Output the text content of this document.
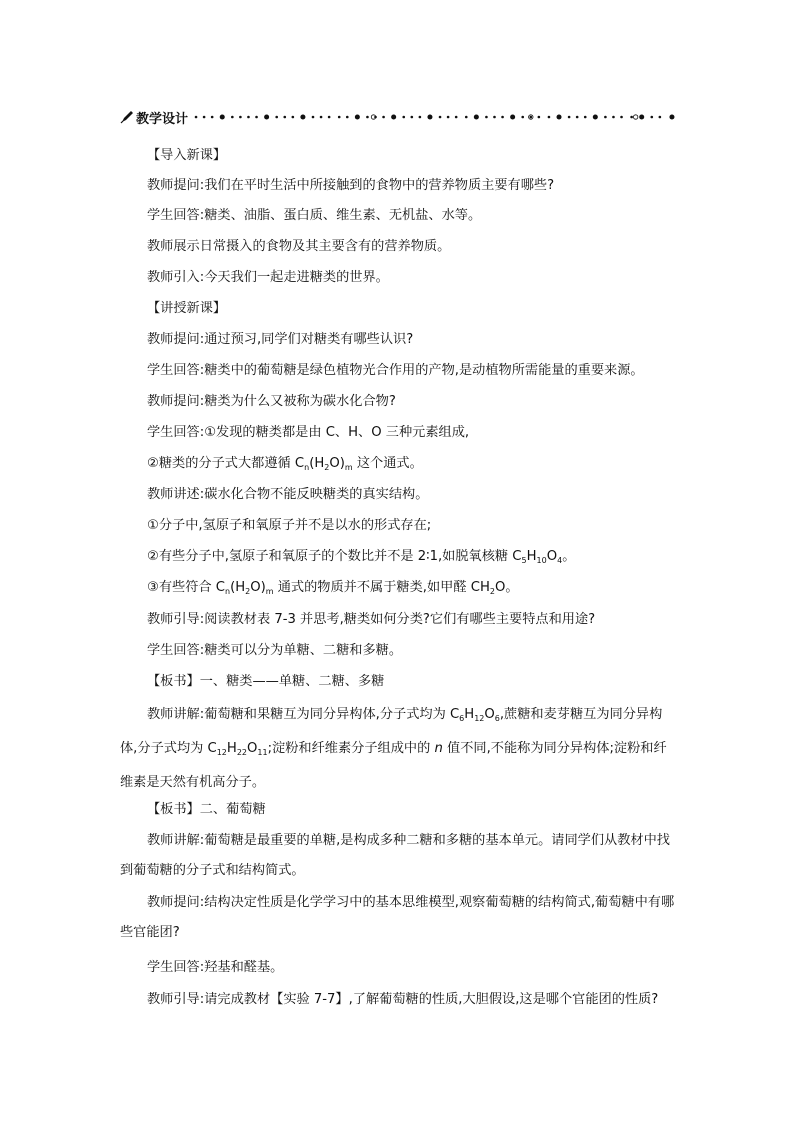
教学设计
【导入新课】
教师提问:我们在平时生活中所接触到的食物中的营养物质主要有哪些?
学生回答:糖类、油脂、蛋白质、维生素、无机盐、水等。
教师展示日常摄入的食物及其主要含有的营养物质。
教师引入:今天我们一起走进糖类的世界。
【讲授新课】
教师提问:通过预习,同学们对糖类有哪些认识?
学生回答:糖类中的葡萄糖是绿色植物光合作用的产物,是动植物所需能量的重要来源。
教师提问:糖类为什么又被称为碳水化合物?
学生回答:①发现的糖类都是由 C、H、O 三种元素组成,
②糖类的分子式大都遵循 $C_n(H_2O)_m$ 这个通式。
教师讲述:碳水化合物不能反映糖类的真实结构。
①分子中,氢原子和氧原子并不是以水的形式存在;
②有些分子中,氢原子和氧原子的个数比并不是 2∶1,如脱氧核糖 $C_5H_{10}O_4$。
③有些符合 $C_n(H_2O)_m$ 通式的物质并不属于糖类,如甲醛 $CH_2O$。
教师引导:阅读教材表 7-3 并思考,糖类如何分类?它们有哪些主要特点和用途?
学生回答:糖类可以分为单糖、二糖和多糖。
【板书】一、糖类——单糖、二糖、多糖
教师讲解:葡萄糖和果糖互为同分异构体,分子式均为 $C_6H_{12}O_6$,蔗糖和麦芽糖互为同分异构体,分子式均为 $C_{12}H_{22}O_{11}$;淀粉和纤维素分子组成中的 n 值不同,不能称为同分异构体;淀粉和纤维素是天然有机高分子。
【板书】二、葡萄糖
教师讲解:葡萄糖是最重要的单糖,是构成多种二糖和多糖的基本单元。请同学们从教材中找到葡萄糖的分子式和结构简式。
教师提问:结构决定性质是化学学习中的基本思维模型,观察葡萄糖的结构简式,葡萄糖中有哪些官能团?
学生回答:羟基和醛基。
教师引导:请完成教材【实验 7-7】,了解葡萄糖的性质,大胆假设,这是哪个官能团的性质?
